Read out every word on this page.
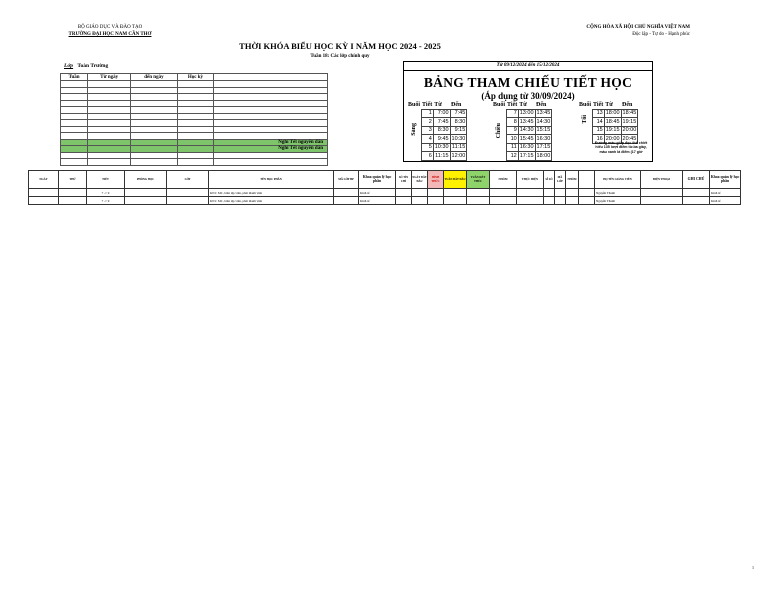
BỘ GIÁO DỤC VÀ ĐÀO TẠO
TRƯỜNG ĐẠI HỌC NAM CẦN THƠ
CỘNG HÒA XÃ HỘI CHỦ NGHĨA VIỆT NAM
Độc lập - Tự do - Hạnh phúc
THỜI KHÓA BIỂU HỌC KỲ I NĂM HỌC 2024 - 2025
Tuần 18: Các lớp chính quy
Lớp Toàn Trường
Tuần	Từ ngày	đến ngày	Học kỳ	

				Nghỉ Tết nguyên đán
				Nghỉ Tết nguyên đán

Từ 09/12/2024 đến 15/12/2024
BẢNG THAM CHIẾU TIẾT HỌC
(Áp dụng từ 30/09/2024)
Sáng
Buổi	Tiết	Từ	Đến
	1	7:00	7:45
	2	7:45	8:30
	3	8:30	9:15
	4	9:45	10:30
	5	10:30	11:15
	6	11:15	12:00
Chiều
Buổi	Tiết	Từ	Đến
	7	13:00	13:45
	8	13:45	14:30
	9	14:30	15:15
	10	15:45	16:30
	11	16:30	17:15
	12	17:15	18:00
Tối
Buổi	Tiết	Từ	Đến
	13	18:00	18:45
	14	18:45	19:15
	15	19:15	20:00
	16	20:00	20:45
Đường màu giúp đọc thể chiết hiểu 135 lượt điểm từ-ba giày, màu xanh lá điểm (17 giờ
NGÀY	THỨ	TIẾT	PHÒNG HỌC	LỚP	TÊN HỌC PHẦN	MÃ LỚP HP	Khoa quản lý học phần	SỐ TÍN CHỈ	NGÀY BẮT ĐẦU	HÌNH THỨC	TUẦN BẮT ĐẦU	TUẦN KẾT THÚC	NHÓM	THỰC HIỆN	SĨ SỐ	MÃ LỚP	NHÓM		HỌ TÊN GIẢNG VIÊN	ĐIỆN THOẠI	GHI CHÚ	Khoa quản lý học phần
		7 -> 9			KN1: MC, biên tập viên, phát thanh viên		Kinh tế												Nguyễn Thanh			Kinh tế
		7 -> 9			KN1: MC, biên tập viên, phát thanh viên		Kinh tế												Nguyễn Thanh			Kinh tế
1
